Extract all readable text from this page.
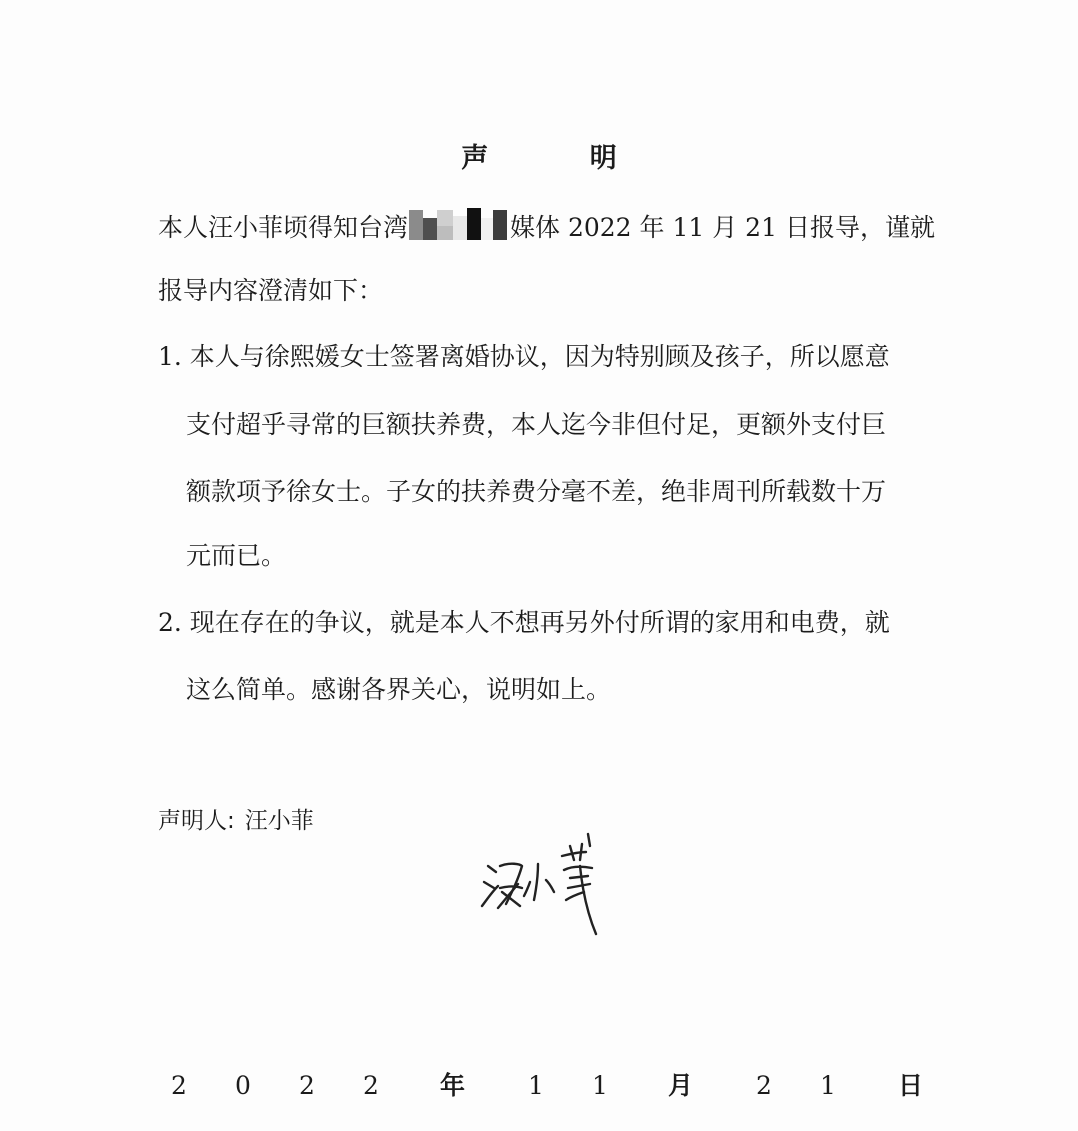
声 明
本人汪小菲顷得知台湾	媒体 2022 年 11 月 21 日报导，谨就
报导内容澄清如下：
1. 本人与徐熙媛女士签署离婚协议，因为特别顾及孩子，所以愿意
支付超乎寻常的巨额扶养费，本人迄今非但付足，更额外支付巨
额款项予徐女士。子女的扶养费分毫不差，绝非周刊所载数十万
元而已。
2. 现在存在的争议，就是本人不想再另外付所谓的家用和电费，就
这么简单。感谢各界关心，说明如上。
声明人: 汪小菲
2 0 2 2 年	1 1 月	2 1 日
